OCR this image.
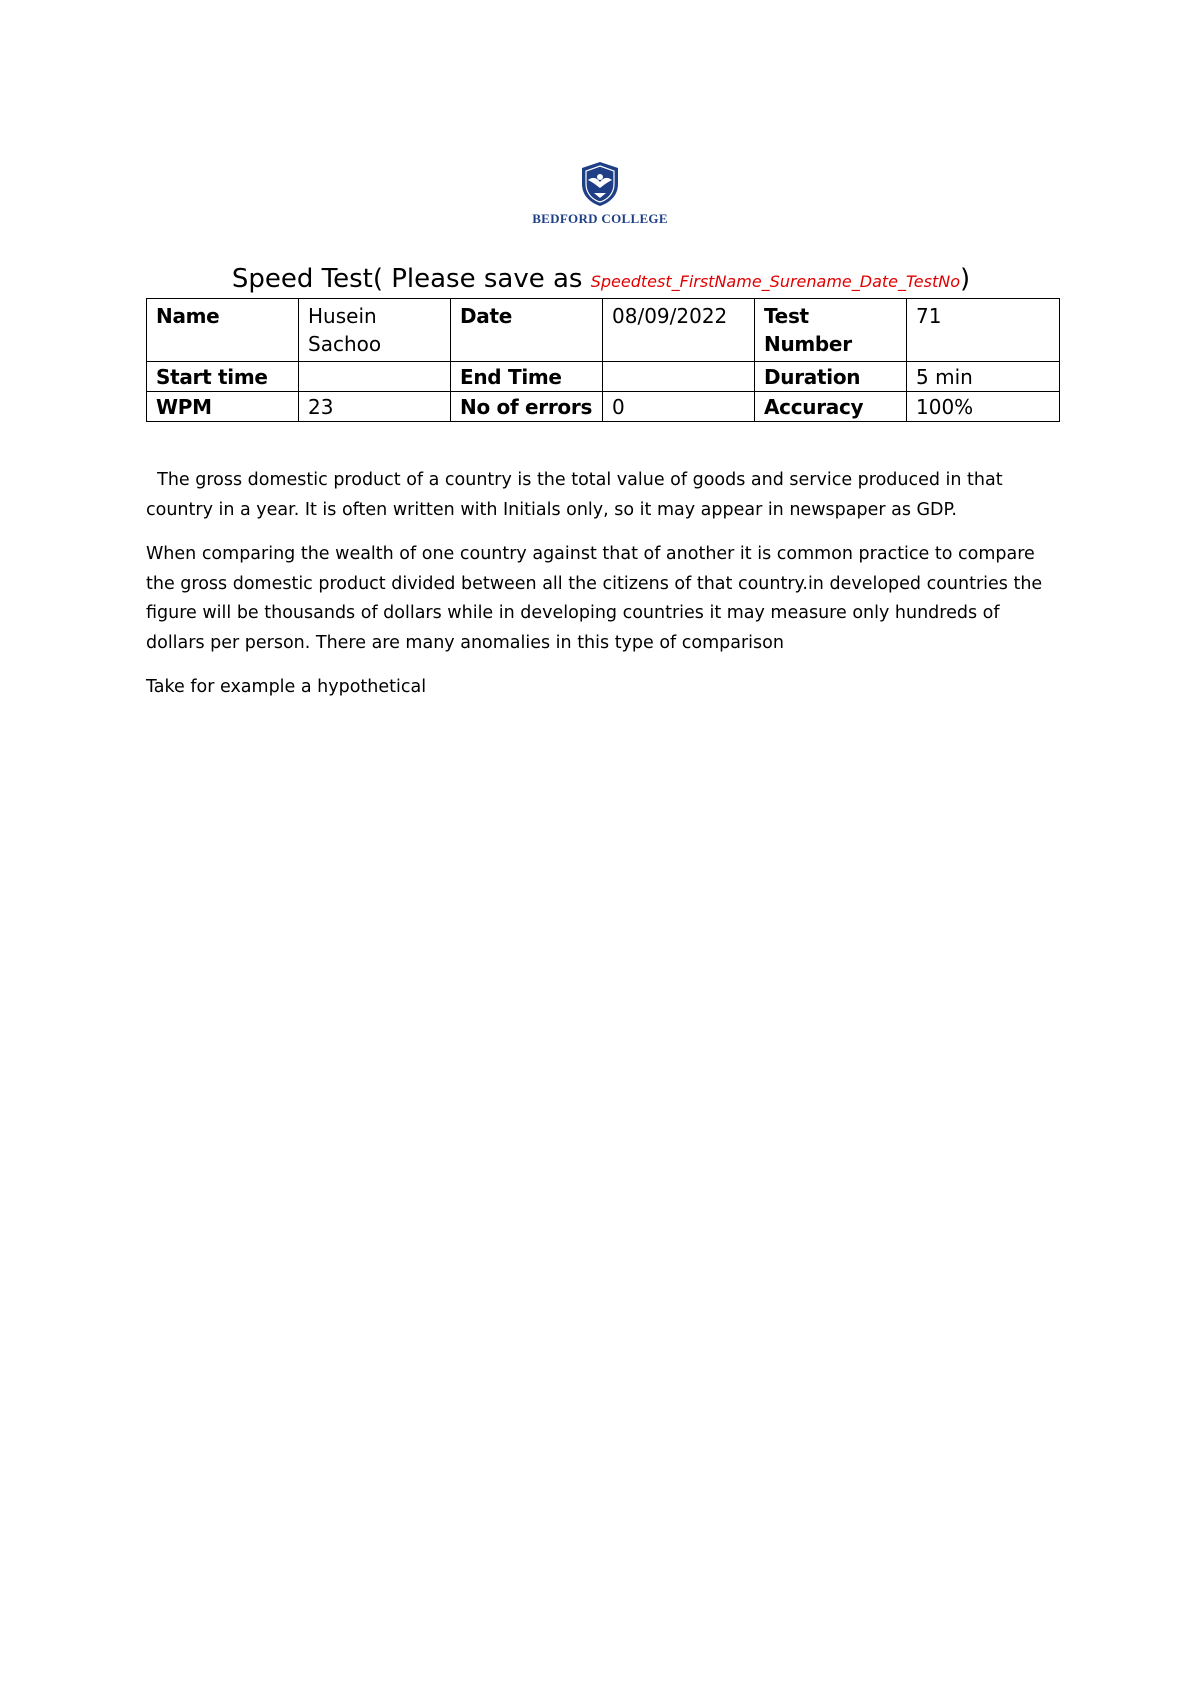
BEDFORD COLLEGE
Speed Test( Please save as Speedtest_FirstName_Surename_Date_TestNo)
Name	Husein Sachoo	Date	08/09/2022	Test Number	71
Start time		End Time		Duration	5 min
WPM	23	No of errors	0	Accuracy	100%

The gross domestic product of a country is the total value of goods and service produced in that country in a year. It is often written with Initials only, so it may appear in newspaper as GDP.

When comparing the wealth of one country against that of another it is common practice to compare the gross domestic product divided between all the citizens of that country.in developed countries the figure will be thousands of dollars while in developing countries it may measure only hundreds of dollars per person. There are many anomalies in this type of comparison

Take for example a hypothetical
